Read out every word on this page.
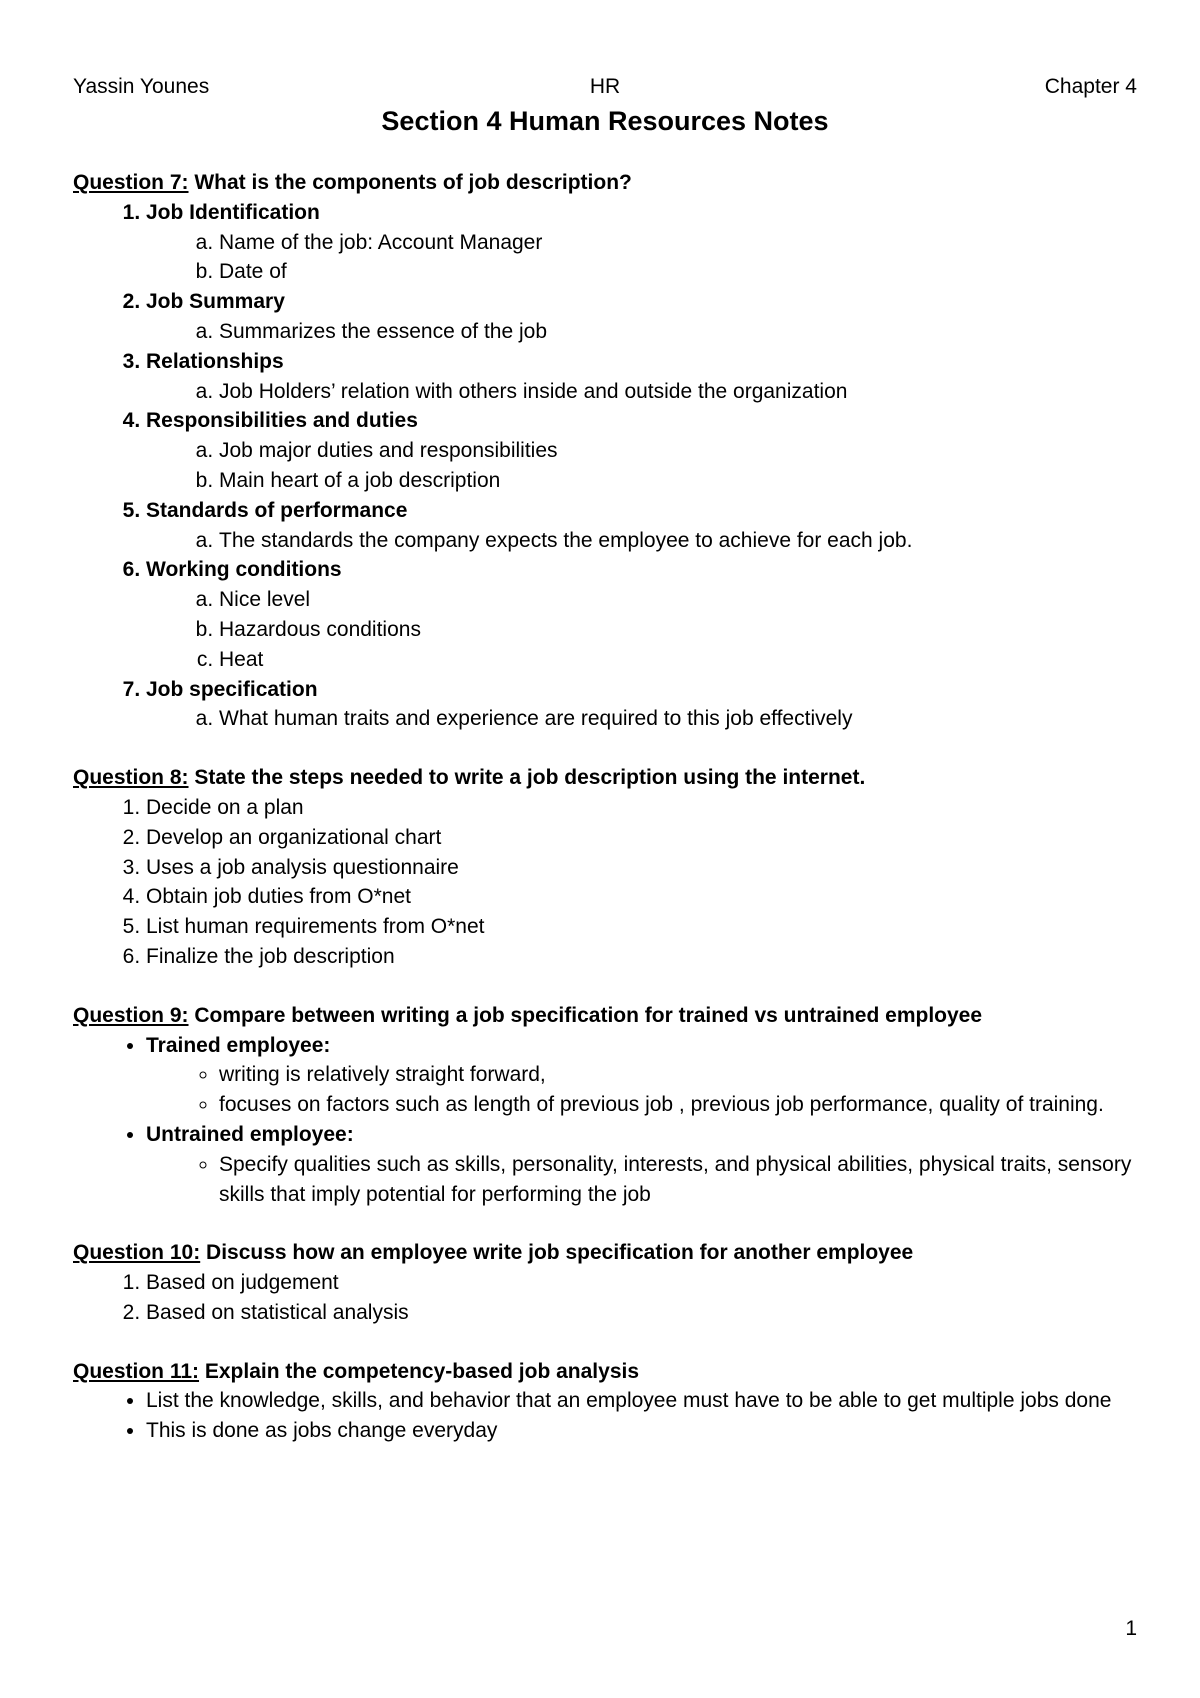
Yassin Younes	HR	Chapter 4
Section 4 Human Resources Notes

Question 7: What is the components of job description?

1. Job Identification
a. Name of the job: Account Manager
b. Date of
2. Job Summary
a. Summarizes the essence of the job
3. Relationships
a. Job Holders’ relation with others inside and outside the organization
4. Responsibilities and duties
a. Job major duties and responsibilities
b. Main heart of a job description
5. Standards of performance
a. The standards the company expects the employee to achieve for each job.
6. Working conditions
a. Nice level
b. Hazardous conditions
c. Heat
7. Job specification
a. What human traits and experience are required to this job effectively

Question 8: State the steps needed to write a job description using the internet.

1. Decide on a plan
2. Develop an organizational chart
3. Uses a job analysis questionnaire
4. Obtain job duties from O*net
5. List human requirements from O*net
6. Finalize the job description

Question 9: Compare between writing a job specification for trained vs untrained employee

• Trained employee:
◦ writing is relatively straight forward,
◦ focuses on factors such as length of previous job , previous job performance, quality of training.
• Untrained employee:
◦ Specify qualities such as skills, personality, interests, and physical abilities, physical traits, sensory skills that imply potential for performing the job

Question 10: Discuss how an employee write job specification for another employee

1. Based on judgement
2. Based on statistical analysis

Question 11: Explain the competency-based job analysis

• List the knowledge, skills, and behavior that an employee must have to be able to get multiple jobs done
• This is done as jobs change everyday
1
